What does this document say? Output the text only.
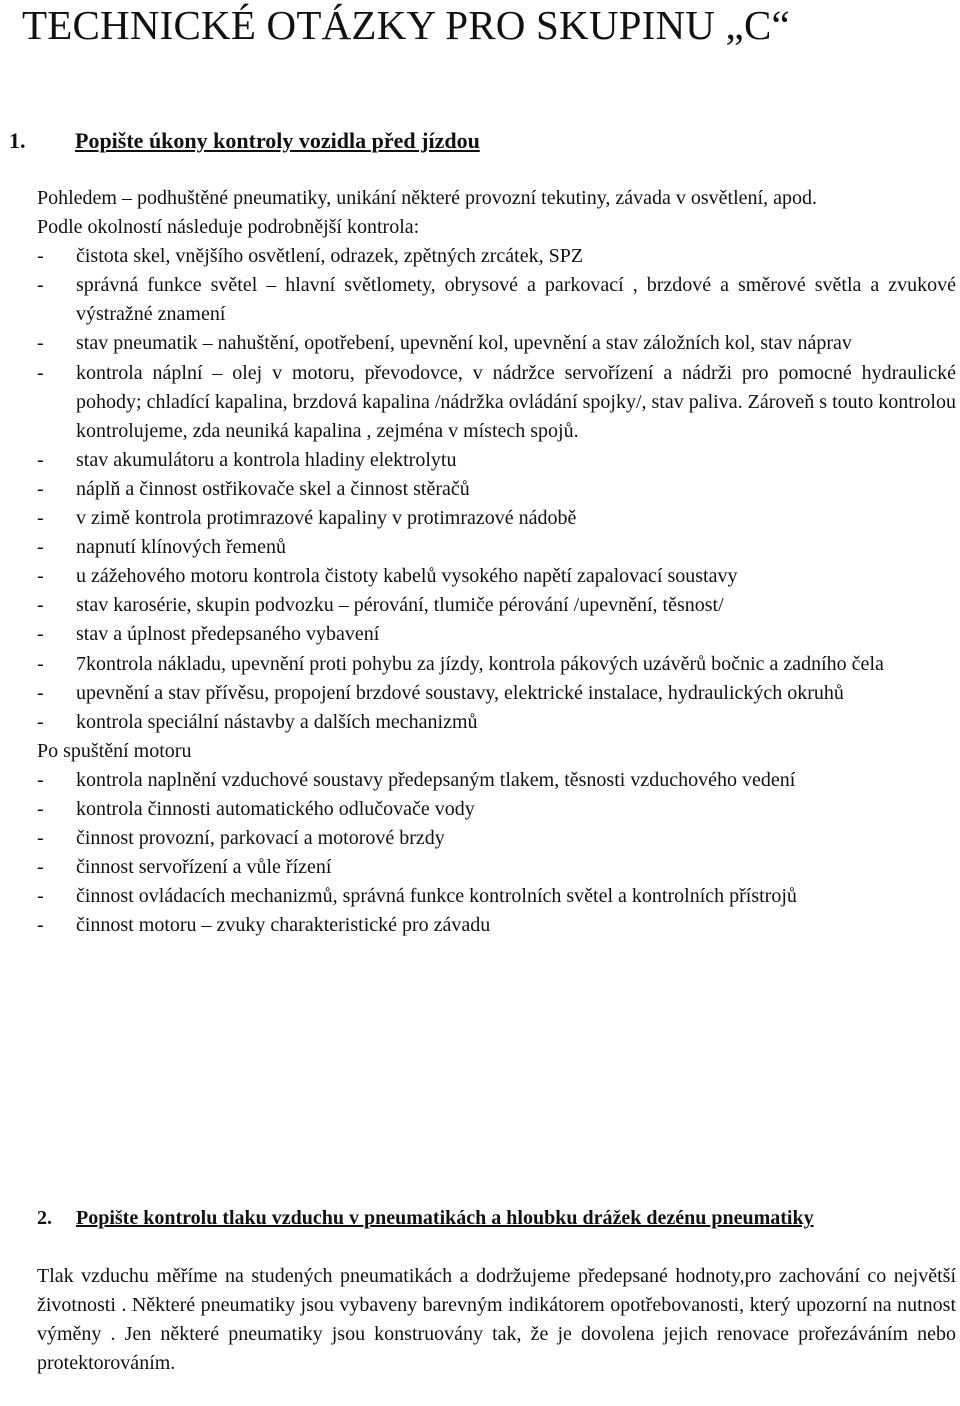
TECHNICKÉ OTÁZKY PRO SKUPINU „C“
1. Popište úkony kontroly vozidla před jízdou
Pohledem – podhuštěné pneumatiky, unikání některé provozní tekutiny, závada v osvětlení, apod.
Podle okolností následuje podrobnější kontrola:
-	čistota skel, vnějšího osvětlení, odrazek, zpětných zrcátek, SPZ
-	správná funkce světel – hlavní světlomety, obrysové a parkovací , brzdové a směrové světla a zvukové výstražné znamení
-	stav pneumatik – nahuštění, opotřebení, upevnění kol, upevnění a stav záložních kol, stav náprav
-	kontrola náplní – olej v motoru, převodovce, v nádržce servořízení a nádrži pro pomocné hydraulické pohody; chladící kapalina, brzdová kapalina /nádržka ovládání spojky/, stav paliva. Zároveň s touto kontrolou kontrolujeme, zda neuniká kapalina , zejména v místech spojů.
-	stav akumulátoru a kontrola hladiny elektrolytu
-	náplň a činnost ostřikovače skel a činnost stěračů
-	v zimě kontrola protimrazové kapaliny v protimrazové nádobě
-	napnutí klínových řemenů
-	u zážehového motoru kontrola čistoty kabelů vysokého napětí zapalovací soustavy
-	stav karosérie, skupin podvozku – pérování, tlumiče pérování /upevnění, těsnost/
-	stav a úplnost předepsaného vybavení
-	7kontrola nákladu, upevnění proti pohybu za jízdy, kontrola pákových uzávěrů bočnic a zadního čela
-	upevnění a stav přívěsu, propojení brzdové soustavy, elektrické instalace, hydraulických okruhů
-	kontrola speciální nástavby a dalších mechanizmů
Po spuštění motoru
-	kontrola naplnění vzduchové soustavy předepsaným tlakem, těsnosti vzduchového vedení
-	kontrola činnosti automatického odlučovače vody
-	činnost provozní, parkovací a motorové brzdy
-	činnost servořízení a vůle řízení
-	činnost ovládacích mechanizmů, správná funkce kontrolních světel a kontrolních přístrojů
-	činnost motoru – zvuky charakteristické pro závadu
2.	Popište kontrolu tlaku vzduchu v pneumatikách a hloubku drážek dezénu pneumatiky
Tlak vzduchu měříme na studených pneumatikách a dodržujeme předepsané hodnoty,pro zachování co největší životnosti . Některé pneumatiky jsou vybaveny barevným indikátorem opotřebovanosti, který upozorní na nutnost výměny . Jen některé pneumatiky jsou konstruovány tak, že je dovolena jejich renovace prořezáváním nebo protektorováním.
